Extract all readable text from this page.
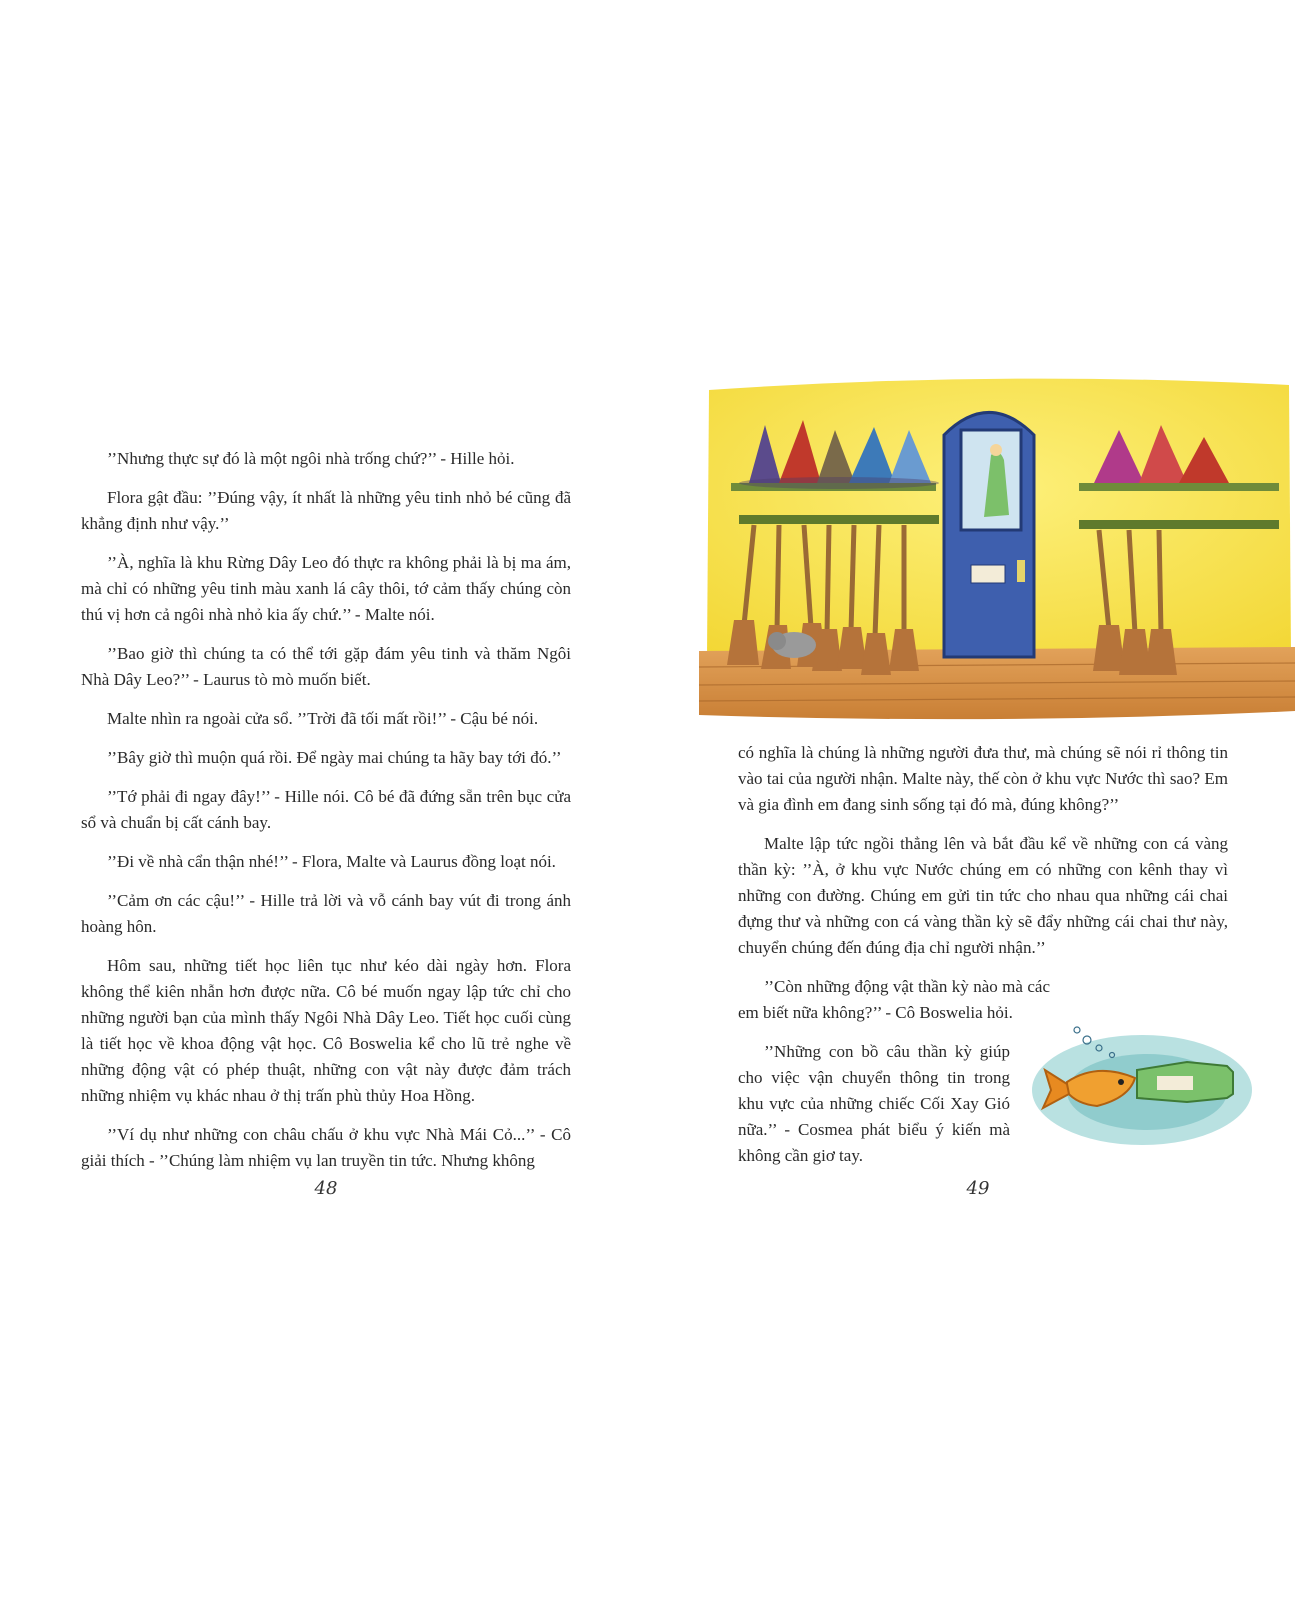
’’Nhưng thực sự đó là một ngôi nhà trống chứ?’’ - Hille hỏi.

Flora gật đầu: ’’Đúng vậy, ít nhất là những yêu tinh nhỏ bé cũng đã khẳng định như vậy.’’

’’À, nghĩa là khu Rừng Dây Leo đó thực ra không phải là bị ma ám, mà chỉ có những yêu tinh màu xanh lá cây thôi, tớ cảm thấy chúng còn thú vị hơn cả ngôi nhà nhỏ kia ấy chứ.’’ - Malte nói.

’’Bao giờ thì chúng ta có thể tới gặp đám yêu tinh và thăm Ngôi Nhà Dây Leo?’’ - Laurus tò mò muốn biết.

Malte nhìn ra ngoài cửa sổ. ’’Trời đã tối mất rồi!’’ - Cậu bé nói.

’’Bây giờ thì muộn quá rồi. Để ngày mai chúng ta hãy bay tới đó.’’

’’Tớ phải đi ngay đây!’’ - Hille nói. Cô bé đã đứng sẵn trên bục cửa sổ và chuẩn bị cất cánh bay.

’’Đi về nhà cẩn thận nhé!’’ - Flora, Malte và Laurus đồng loạt nói.

’’Cảm ơn các cậu!’’ - Hille trả lời và vỗ cánh bay vút đi trong ánh hoàng hôn.

Hôm sau, những tiết học liên tục như kéo dài ngày hơn. Flora không thể kiên nhẫn hơn được nữa. Cô bé muốn ngay lập tức chỉ cho những người bạn của mình thấy Ngôi Nhà Dây Leo. Tiết học cuối cùng là tiết học về khoa động vật học. Cô Boswelia kể cho lũ trẻ nghe về những động vật có phép thuật, những con vật này được đảm trách những nhiệm vụ khác nhau ở thị trấn phù thủy Hoa Hồng.

’’Ví dụ như những con châu chấu ở khu vực Nhà Mái Cỏ...’’ - Cô giải thích - ’’Chúng làm nhiệm vụ lan truyền tin tức. Nhưng không

48

có nghĩa là chúng là những người đưa thư, mà chúng sẽ nói rỉ thông tin vào tai của người nhận. Malte này, thế còn ở khu vực Nước thì sao? Em và gia đình em đang sinh sống tại đó mà, đúng không?’’

Malte lập tức ngồi thẳng lên và bắt đầu kể về những con cá vàng thần kỳ: ’’À, ở khu vực Nước chúng em có những con kênh thay vì những con đường. Chúng em gửi tin tức cho nhau qua những cái chai đựng thư và những con cá vàng thần kỳ sẽ đẩy những cái chai thư này, chuyển chúng đến đúng địa chỉ người nhận.’’

’’Còn những động vật thần kỳ nào mà các em biết nữa không?’’ - Cô Boswelia hỏi.

’’Những con bồ câu thần kỳ giúp cho việc vận chuyển thông tin trong khu vực của những chiếc Cối Xay Gió nữa.’’ - Cosmea phát biểu ý kiến mà không cần giơ tay.

49
